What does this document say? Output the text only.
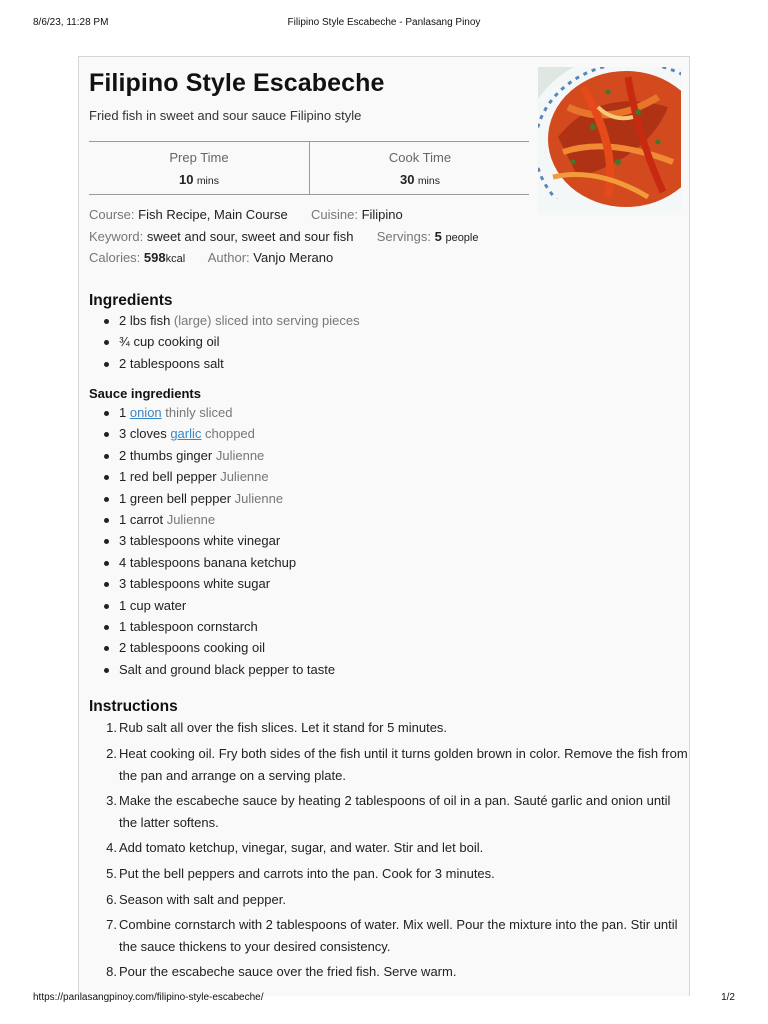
8/6/23, 11:28 PM	Filipino Style Escabeche - Panlasang Pinoy
Filipino Style Escabeche
Fried fish in sweet and sour sauce Filipino style
Prep Time
10 mins
Cook Time
30 mins
Course: Fish Recipe, Main Course Cuisine: Filipino
Keyword: sweet and sour, sweet and sour fish Servings: 5 people
Calories: 598kcal Author: Vanjo Merano
Ingredients
2 lbs fish (large) sliced into serving pieces
¾ cup cooking oil
2 tablespoons salt
Sauce ingredients
1 onion thinly sliced
3 cloves garlic chopped
2 thumbs ginger Julienne
1 red bell pepper Julienne
1 green bell pepper Julienne
1 carrot Julienne
3 tablespoons white vinegar
4 tablespoons banana ketchup
3 tablespoons white sugar
1 cup water
1 tablespoon cornstarch
2 tablespoons cooking oil
Salt and ground black pepper to taste
Instructions
1. Rub salt all over the fish slices. Let it stand for 5 minutes.
2. Heat cooking oil. Fry both sides of the fish until it turns golden brown in color. Remove the fish from the pan and arrange on a serving plate.
3. Make the escabeche sauce by heating 2 tablespoons of oil in a pan. Sauté garlic and onion until the latter softens.
4. Add tomato ketchup, vinegar, sugar, and water. Stir and let boil.
5. Put the bell peppers and carrots into the pan. Cook for 3 minutes.
6. Season with salt and pepper.
7. Combine cornstarch with 2 tablespoons of water. Mix well. Pour the mixture into the pan. Stir until the sauce thickens to your desired consistency.
8. Pour the escabeche sauce over the fried fish. Serve warm.
https://panlasangpinoy.com/filipino-style-escabeche/	1/2
